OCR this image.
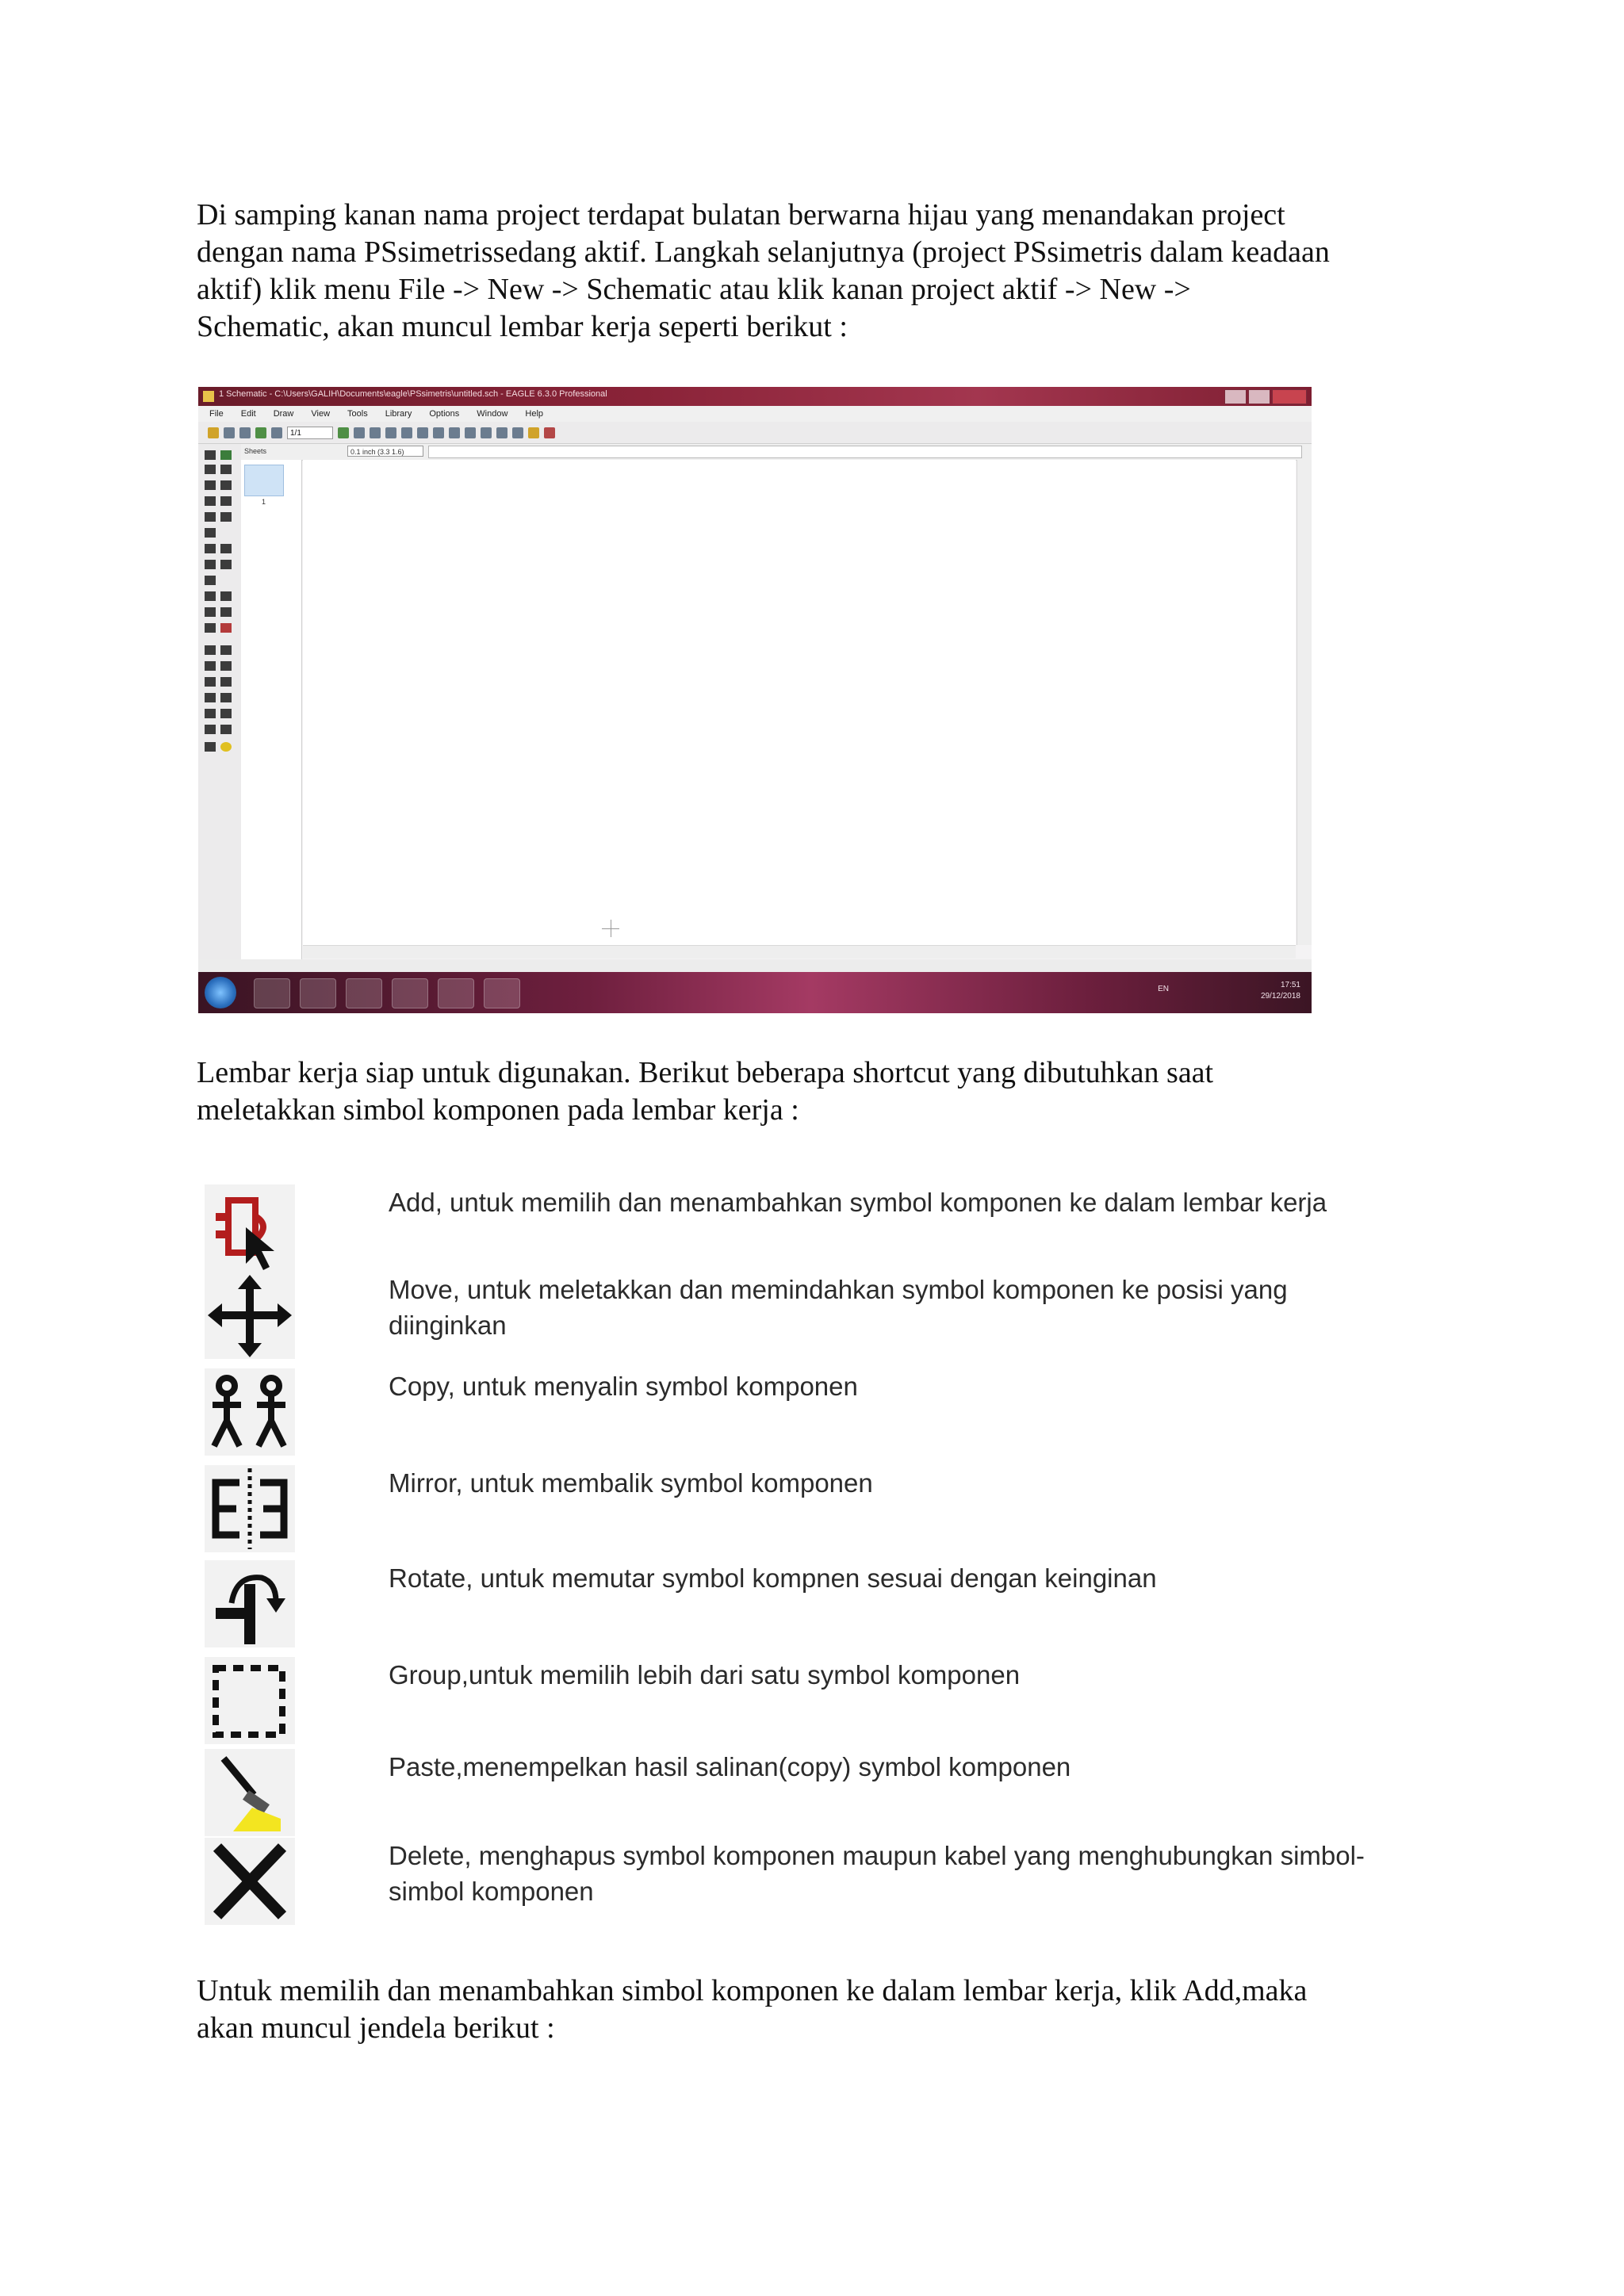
Di samping kanan nama project terdapat bulatan berwarna hijau yang menandakan project
dengan nama PSsimetrissedang aktif. Langkah selanjutnya (project PSsimetris dalam keadaan
aktif) klik menu File -> New -> Schematic atau klik kanan project aktif -> New ->
Schematic, akan muncul lembar kerja seperti berikut :
1 Schematic - C:\Users\GALIH\Documents\eagle\PSsimetris\untitled.sch - EAGLE 6.3.0 Professional
File Edit Draw View Tools Library Options Window Help
1/1
0.1 inch (3.3 1.6)
Sheets
1
EN	17:51
29/12/2018
Lembar kerja siap untuk digunakan. Berikut beberapa shortcut yang dibutuhkan saat
meletakkan simbol komponen pada lembar kerja :
Add, untuk memilih dan menambahkan symbol komponen ke dalam lembar kerja
Move, untuk meletakkan dan memindahkan symbol komponen ke posisi yang
diinginkan
Copy, untuk menyalin symbol komponen
Mirror, untuk membalik symbol komponen
Rotate, untuk memutar symbol kompnen sesuai dengan keinginan
Group,untuk memilih lebih dari satu symbol komponen
Paste,menempelkan hasil salinan(copy) symbol komponen
Delete, menghapus symbol komponen maupun kabel yang menghubungkan simbol-
simbol komponen
Untuk memilih dan menambahkan simbol komponen ke dalam lembar kerja, klik Add,maka
akan muncul jendela berikut :
